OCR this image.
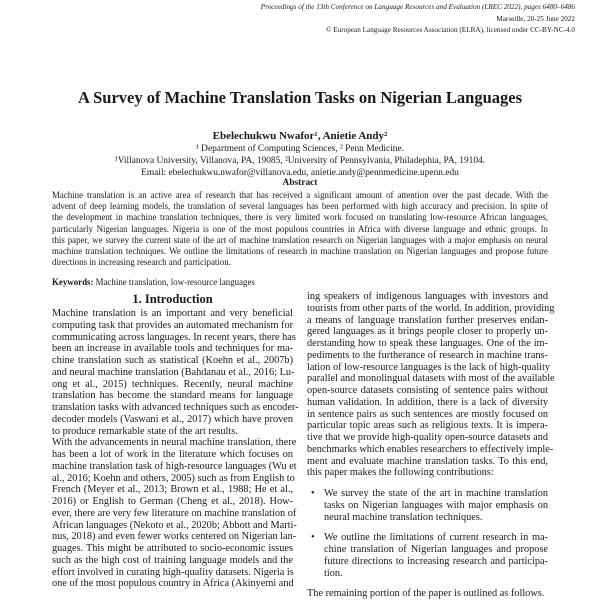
Proceedings of the 13th Conference on Language Resources and Evaluation (LREC 2022), pages 6480–6486
Marseille, 20-25 June 2022
© European Language Resources Association (ELRA), licensed under CC-BY-NC-4.0
A Survey of Machine Translation Tasks on Nigerian Languages
Ebelechukwu Nwafor¹, Anietie Andy²
¹ Department of Computing Sciences, ² Penn Medicine.
¹Villanova University, Villanova, PA, 19085, ²University of Pennsylvania, Philadephia, PA, 19104.
Email: ebelechukwu.nwafor@villanova.edu, anietie.andy@pennmedicine.upenn.edu
Abstract
Machine translation is an active area of research that has received a significant amount of attention over the past decade. With the
advent of deep learning models, the translation of several languages has been performed with high accuracy and precision. In spite of
the development in machine translation techniques, there is very limited work focused on translating low-resource African languages,
particularly Nigerian languages. Nigeria is one of the most populous countries in Africa with diverse language and ethnic groups. In
this paper, we survey the current state of the art of machine translation research on Nigerian languages with a major emphasis on neural
machine translation techniques. We outline the limitations of research in machine translation on Nigerian languages and propose future
directions in increasing research and participation.
Keywords: Machine translation, low-resource languages
1. Introduction
Machine translation is an important and very beneficial
computing task that provides an automated mechanism for
communicating across languages. In recent years, there has
been an increase in available tools and techniques for ma-
chine translation such as statistical (Koehn et al., 2007b)
and neural machine translation (Bahdanau et al., 2016; Lu-
ong et al., 2015) techniques. Recently, neural machine
translation has become the standard means for language
translation tasks with advanced techniques such as encoder-
decoder models (Vaswani et al., 2017) which have proven
to produce remarkable state of the art results.
With the advancements in neural machine translation, there
has been a lot of work in the literature which focuses on
machine translation task of high-resource languages (Wu et
al., 2016; Koehn and others, 2005) such as from English to
French (Meyer et al., 2013; Brown et al., 1988; He et al.,
2016) or English to German (Cheng et al., 2018). How-
ever, there are very few literature on machine translation of
African languages (Nekoto et al., 2020b; Abbott and Marti-
nus, 2018) and even fewer works centered on Nigerian lan-
guages. This might be attributed to socio-economic issues
such as the high cost of training language models and the
effort involved in curating high-quality datasets. Nigeria is
one of the most populous country in Africa (Akinyemi and
ing speakers of indigenous languages with investors and
tourists from other parts of the world. In addition, providing
a means of language translation further preserves endan-
gered languages as it brings people closer to properly un-
derstanding how to speak these languages. One of the im-
pediments to the furtherance of research in machine trans-
lation of low-resource languages is the lack of high-quality
parallel and monolingual datasets with most of the available
open-source datasets consisting of sentence pairs without
human validation. In addition, there is a lack of diversity
in sentence pairs as such sentences are mostly focused on
particular topic areas such as religious texts. It is impera-
tive that we provide high-quality open-source datasets and
benchmarks which enables researchers to effectively imple-
ment and evaluate machine translation tasks. To this end,
this paper makes the following contributions:
• We survey the state of the art in machine translation
tasks on Nigerian languages with major emphasis on
neural machine translation techniques.
• We outline the limitations of current research in ma-
chine translation of Nigerian languages and propose
future directions to increasing research and participa-
tion.
The remaining portion of the paper is outlined as follows.
